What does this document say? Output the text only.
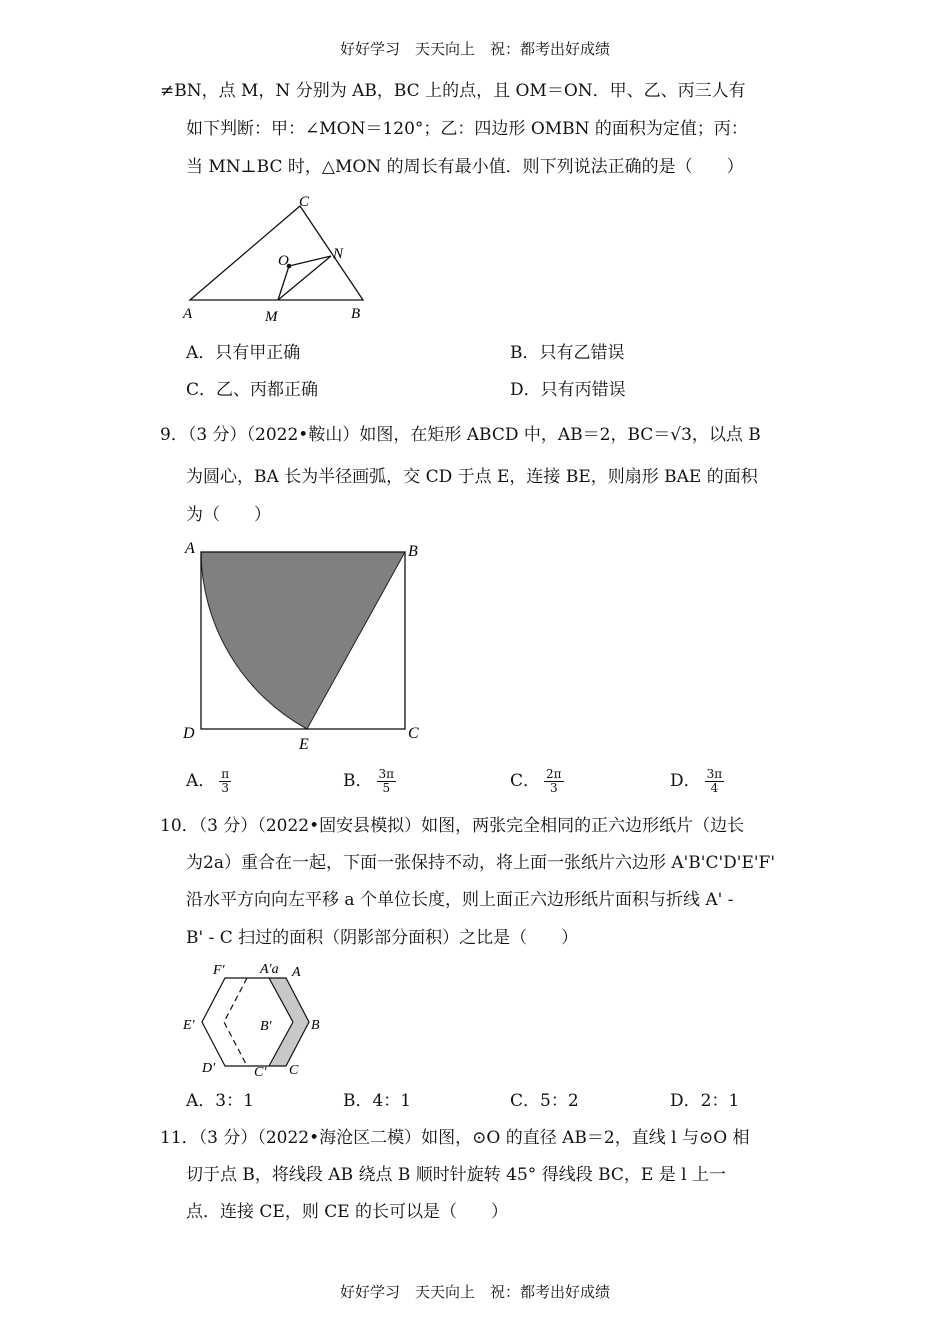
好好学习　天天向上　祝：都考出好成绩
≠BN，点 M，N 分别为 AB，BC 上的点，且 OM＝ON．甲、乙、丙三人有
如下判断：甲：∠MON＝120°；乙：四边形 OMBN 的面积为定值；丙：
当 MN⊥BC 时，△MON 的周长有最小值．则下列说法正确的是（　　）
C
O	N
A	M	B
A．只有甲正确	B．只有乙错误
C．乙、丙都正确	D．只有丙错误
9．（3 分）（2022•鞍山）如图，在矩形 ABCD 中，AB＝2，BC＝√3，以点 B
为圆心，BA 长为半径画弧，交 CD 于点 E，连接 BE，则扇形 BAE 的面积
为（　　）
A	B
C
D
E
A． $\frac{\pi}{3}$	B． $\frac{3\pi}{5}$	C． $\frac{2\pi}{3}$	D． $\frac{3\pi}{4}$
10．（3 分）（2022•固安县模拟）如图，两张完全相同的正六边形纸片（边长
为2a）重合在一起，下面一张保持不动，将上面一张纸片六边形 A'B'C'D'E'F'
沿水平方向向左平移 a 个单位长度，则上面正六边形纸片面积与折线 A' -
B' - C 扫过的面积（阴影部分面积）之比是（　　）
F′	A′a A
E′	B′	B
D′	C′ C
A．3：1	B．4：1	C．5：2	D．2：1
11．（3 分）（2022•海沧区二模）如图，⊙O 的直径 AB＝2，直线 l 与⊙O 相
切于点 B，将线段 AB 绕点 B 顺时针旋转 45° 得线段 BC，E 是 l 上一
点．连接 CE，则 CE 的长可以是（　　）
好好学习　天天向上　祝：都考出好成绩
